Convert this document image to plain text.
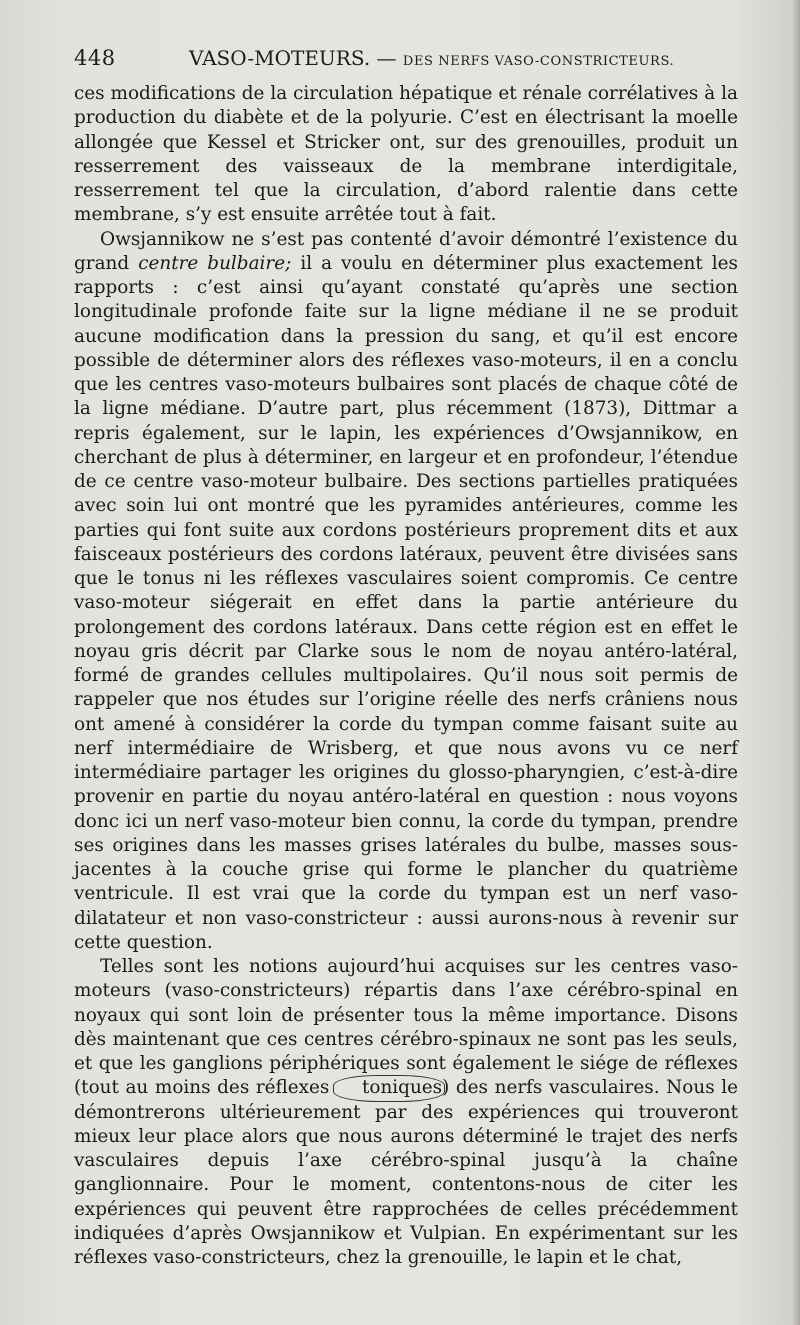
448	VASO-MOTEURS. — DES NERFS VASO-CONSTRICTEURS.

ces modifications de la circulation hépatique et rénale corrélatives à la production du diabète et de la polyurie. C’est en électrisant la moelle allongée que Kessel et Stricker ont, sur des grenouilles, produit un resserrement des vaisseaux de la membrane interdigitale, resserrement tel que la circulation, d’abord ralentie dans cette membrane, s’y est ensuite arrêtée tout à fait.

Owsjannikow ne s’est pas contenté d’avoir démontré l’existence du grand centre bulbaire; il a voulu en déterminer plus exactement les rapports : c’est ainsi qu’ayant constaté qu’après une section longitudinale profonde faite sur la ligne médiane il ne se produit aucune modification dans la pression du sang, et qu’il est encore possible de déterminer alors des réflexes vaso-moteurs, il en a conclu que les centres vaso-moteurs bulbaires sont placés de chaque côté de la ligne médiane. D’autre part, plus récemment (1873), Dittmar a repris également, sur le lapin, les expériences d’Owsjannikow, en cherchant de plus à déterminer, en largeur et en profondeur, l’étendue de ce centre vaso-moteur bulbaire. Des sections partielles pratiquées avec soin lui ont montré que les pyramides antérieures, comme les parties qui font suite aux cordons postérieurs proprement dits et aux faisceaux postérieurs des cordons latéraux, peuvent être divisées sans que le tonus ni les réflexes vasculaires soient compromis. Ce centre vaso-moteur siégerait en effet dans la partie antérieure du prolongement des cordons latéraux. Dans cette région est en effet le noyau gris décrit par Clarke sous le nom de noyau antéro-latéral, formé de grandes cellules multipolaires. Qu’il nous soit permis de rappeler que nos études sur l’origine réelle des nerfs crâniens nous ont amené à considérer la corde du tympan comme faisant suite au nerf intermédiaire de Wrisberg, et que nous avons vu ce nerf intermédiaire partager les origines du glosso-pharyngien, c’est-à-dire provenir en partie du noyau antéro-latéral en question : nous voyons donc ici un nerf vaso-moteur bien connu, la corde du tympan, prendre ses origines dans les masses grises latérales du bulbe, masses sous-jacentes à la couche grise qui forme le plancher du quatrième ventricule. Il est vrai que la corde du tympan est un nerf vaso-dilatateur et non vaso-constricteur : aussi aurons-nous à revenir sur cette question.

Telles sont les notions aujourd’hui acquises sur les centres vaso-moteurs (vaso-constricteurs) répartis dans l’axe cérébro-spinal en noyaux qui sont loin de présenter tous la même importance. Disons dès maintenant que ces centres cérébro-spinaux ne sont pas les seuls, et que les ganglions périphériques sont également le siége de réflexes (tout au moins des réflexes toniques) des nerfs vasculaires. Nous le démontrerons ultérieurement par des expériences qui trouveront mieux leur place alors que nous aurons déterminé le trajet des nerfs vasculaires depuis l’axe cérébro-spinal jusqu’à la chaîne ganglionnaire. Pour le moment, contentons-nous de citer les expériences qui peuvent être rapprochées de celles précédemment indiquées d’après Owsjannikow et Vulpian. En expérimentant sur les réflexes vaso-constricteurs, chez la grenouille, le lapin et le chat,
